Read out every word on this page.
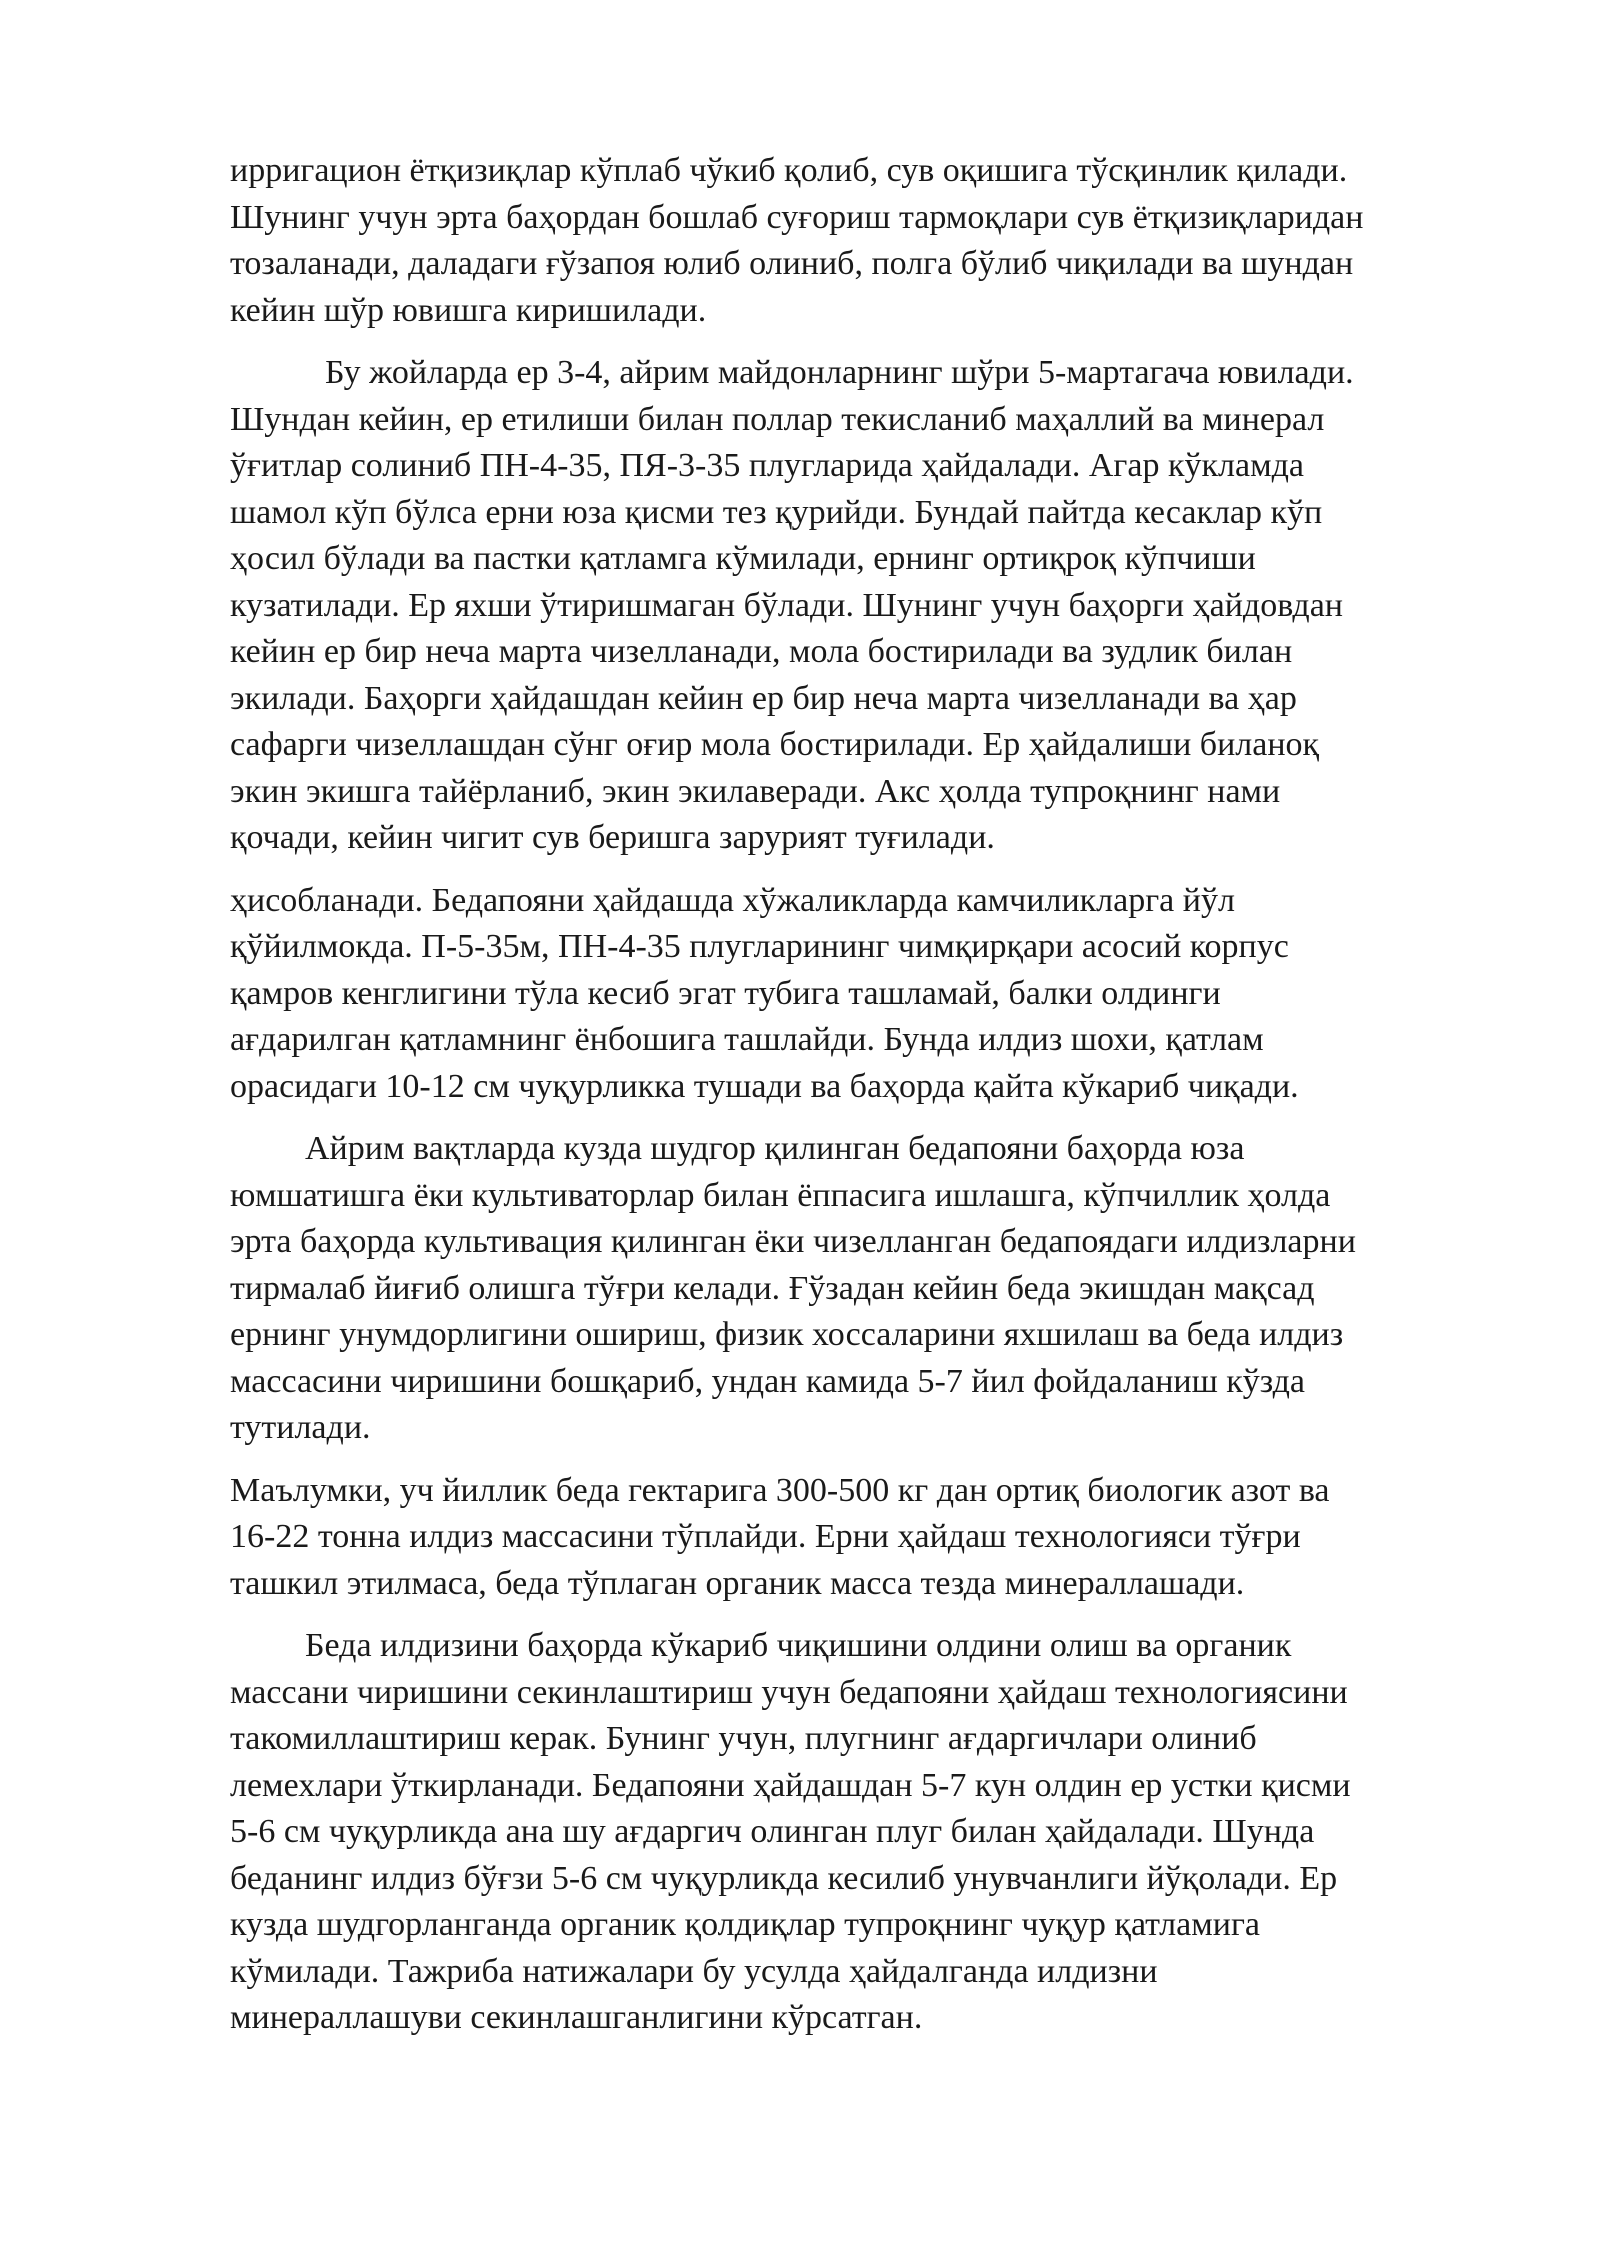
ирригацион ётқизиқлар кўплаб чўкиб қолиб, сув оқишига тўсқинлик қилади.
Шунинг учун эрта баҳордан бошлаб суғориш тармоқлари сув ётқизиқларидан
тозаланади, даладаги ғўзапоя юлиб олиниб, полга бўлиб чиқилади ва шундан
кейин шўр ювишга киришилади.

Бу жойларда ер 3-4, айрим майдонларнинг шўри 5-мартагача ювилади.
Шундан кейин, ер етилиши билан поллар текисланиб маҳаллий ва минерал
ўғитлар солиниб ПН-4-35, ПЯ-3-35 плугларида ҳайдалади. Агар кўкламда
шамол кўп бўлса ерни юза қисми тез қурийди. Бундай пайтда кесаклар кўп
ҳосил бўлади ва пастки қатламга кўмилади, ернинг ортиқроқ кўпчиши
кузатилади. Ер яхши ўтиришмаган бўлади. Шунинг учун баҳорги ҳайдовдан
кейин ер бир неча марта чизелланади, мола бостирилади ва зудлик билан
экилади. Баҳорги ҳайдашдан кейин ер бир неча марта чизелланади ва ҳар
сафарги чизеллашдан сўнг оғир мола бостирилади. Ер ҳайдалиши биланоқ
экин экишга тайёрланиб, экин экилаверади. Акс ҳолда тупроқнинг нами
қочади, кейин чигит сув беришга зарурият туғилади.

ҳисобланади. Бедапояни ҳайдашда хўжаликларда камчиликларга йўл
қўйилмокда. П-5-35м, ПН-4-35 плугларининг чимқирқари асосий корпус
қамров кенглигини тўла кесиб эгат тубига ташламай, балки олдинги
ағдарилган қатламнинг ёнбошига ташлайди. Бунда илдиз шохи, қатлам
орасидаги 10-12 см чуқурликка тушади ва баҳорда қайта кўкариб чиқади.

Айрим вақтларда кузда шудгор қилинган бедапояни баҳорда юза
юмшатишга ёки культиваторлар билан ёппасига ишлашга, кўпчиллик ҳолда
эрта баҳорда культивация қилинган ёки чизелланган бедапоядаги илдизларни
тирмалаб йиғиб олишга тўғри келади. Ғўзадан кейин беда экишдан мақсад
ернинг унумдорлигини ошириш, физик хоссаларини яхшилаш ва беда илдиз
массасини чиришини бошқариб, ундан камида 5-7 йил фойдаланиш кўзда
тутилади.

Маълумки, уч йиллик беда гектарига 300-500 кг дан ортиқ биологик азот ва
16-22 тонна илдиз массасини тўплайди. Ерни ҳайдаш технологияси тўғри
ташкил этилмаса, беда тўплаган органик масса тезда минераллашади.

Беда илдизини баҳорда кўкариб чиқишини олдини олиш ва органик
массани чиришини секинлаштириш учун бедапояни ҳайдаш технологиясини
такомиллаштириш керак. Бунинг учун, плугнинг ағдаргичлари олиниб
лемехлари ўткирланади. Бедапояни ҳайдашдан 5-7 кун олдин ер устки қисми
5-6 см чуқурликда ана шу ағдаргич олинган плуг билан ҳайдалади. Шунда
беданинг илдиз бўғзи 5-6 см чуқурликда кесилиб унувчанлиги йўқолади. Ер
кузда шудгорланганда органик қолдиқлар тупроқнинг чуқур қатламига
кўмилади. Тажриба натижалари бу усулда ҳайдалганда илдизни
минераллашуви секинлашганлигини кўрсатган.
